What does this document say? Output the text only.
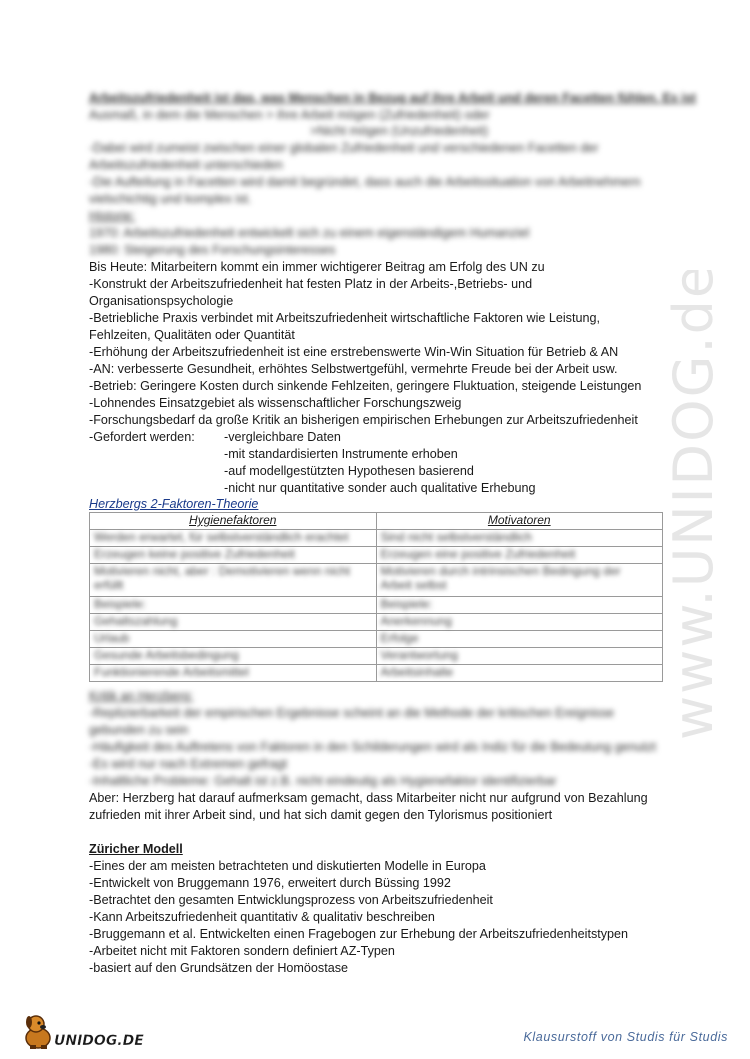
www.UNIDOG.de
Arbeitszufriedenheit ist das, was Menschen in Bezug auf ihre Arbeit und deren Facetten fühlen. Es ist
Ausmaß, in dem die Menschen > ihre Arbeit mögen (Zufriedenheit) oder
>Nicht mögen (Unzufriedenheit)
-Dabei wird zumeist zwischen einer globalen Zufriedenheit und verschiedenen Facetten der
Arbeitszufriedenheit unterschieden
-Die Aufteilung in Facetten wird damit begründet, dass auch die Arbeitssituation von Arbeitnehmern
vielschichtig und komplex ist.
Historie:
1970: Arbeitszufriedenheit entwickelt sich zu einem eigenständigem Humanziel
1980: Steigerung des Forschungsinteresses
Bis Heute: Mitarbeitern kommt ein immer wichtigerer Beitrag am Erfolg des UN zu
-Konstrukt der Arbeitszufriedenheit hat festen Platz in der Arbeits-,Betriebs- und
Organisationspsychologie
-Betriebliche Praxis verbindet mit Arbeitszufriedenheit wirtschaftliche Faktoren wie Leistung,
Fehlzeiten, Qualitäten oder Quantität
-Erhöhung der Arbeitszufriedenheit ist eine erstrebenswerte Win-Win Situation für Betrieb & AN
-AN: verbesserte Gesundheit, erhöhtes Selbstwertgefühl, vermehrte Freude bei der Arbeit usw.
-Betrieb: Geringere Kosten durch sinkende Fehlzeiten, geringere Fluktuation, steigende Leistungen
-Lohnendes Einsatzgebiet als wissenschaftlicher Forschungszweig
-Forschungsbedarf da große Kritik an bisherigen empirischen Erhebungen zur Arbeitszufriedenheit
-Gefordert werden: -vergleichbare Daten
-mit standardisierten Instrumente erhoben
-auf modellgestützten Hypothesen basierend
-nicht nur quantitative sonder auch qualitative Erhebung
Herzbergs 2-Faktoren-Theorie
Hygienefaktoren	Motivatoren

Werden erwartet, für selbstverständlich erachtet	Sind nicht selbstverständlich

Erzeugen keine positive Zufriedenheit	Erzeugen eine positive Zufriedenheit

Motivieren nicht, aber : Demotivieren wenn nicht erfüllt	Motivieren durch intrinsischen Bedingung der Arbeit selbst

Beispiele:	Beispiele:

Gehaltszahlung	Anerkennung

Urlaub	Erfolge

Gesunde Arbeitsbedingung	Verantwortung

Funktionierende Arbeitsmittel	Arbeitsinhalte
Kritik an Herzberg:
-Replizierbarkeit der empirischen Ergebnisse scheint an die Methode der kritischen Ereignisse
gebunden zu sein
-Häufigkeit des Auftretens von Faktoren in den Schilderungen wird als Indiz für die Bedeutung genutzt
-Es wird nur nach Extremen gefragt
-Inhaltliche Probleme: Gehalt ist z.B. nicht eindeutig als Hygienefaktor identifizierbar
Aber: Herzberg hat darauf aufmerksam gemacht, dass Mitarbeiter nicht nur aufgrund von Bezahlung
zufrieden mit ihrer Arbeit sind, und hat sich damit gegen den Tylorismus positioniert
Züricher Modell
-Eines der am meisten betrachteten und diskutierten Modelle in Europa
-Entwickelt von Bruggemann 1976, erweitert durch Büssing 1992
-Betrachtet den gesamten Entwicklungsprozess von Arbeitszufriedenheit
-Kann Arbeitszufriedenheit quantitativ & qualitativ beschreiben
-Bruggemann et al. Entwickelten einen Fragebogen zur Erhebung der Arbeitszufriedenheitstypen
-Arbeitet nicht mit Faktoren sondern definiert AZ-Typen
-basiert auf den Grundsätzen der Homöostase
UNIDOG.DE	Klausurstoff von Studis für Studis
